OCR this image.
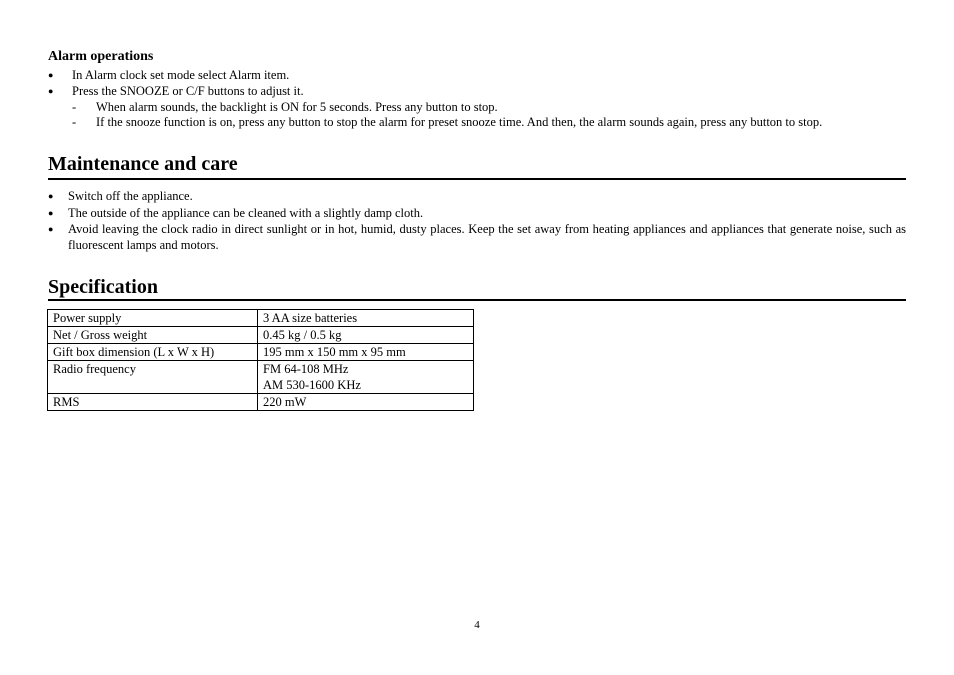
Alarm operations
● In Alarm clock set mode select Alarm item.
● Press the SNOOZE or C/F buttons to adjust it.
- When alarm sounds, the backlight is ON for 5 seconds. Press any button to stop.
- If the snooze function is on, press any button to stop the alarm for preset snooze time. And then, the alarm sounds again, press any button to stop.
Maintenance and care
● Switch off the appliance.
● The outside of the appliance can be cleaned with a slightly damp cloth.
● Avoid leaving the clock radio in direct sunlight or in hot, humid, dusty places. Keep the set away from heating appliances and appliances that generate noise, such as fluorescent lamps and motors.
Specification
Power supply	3 AA size batteries
Net / Gross weight	0.45 kg / 0.5 kg
Gift box dimension (L x W x H)	195 mm x 150 mm x 95 mm
Radio frequency	FM 64-108 MHz
AM 530-1600 KHz

RMS	220 mW
4
